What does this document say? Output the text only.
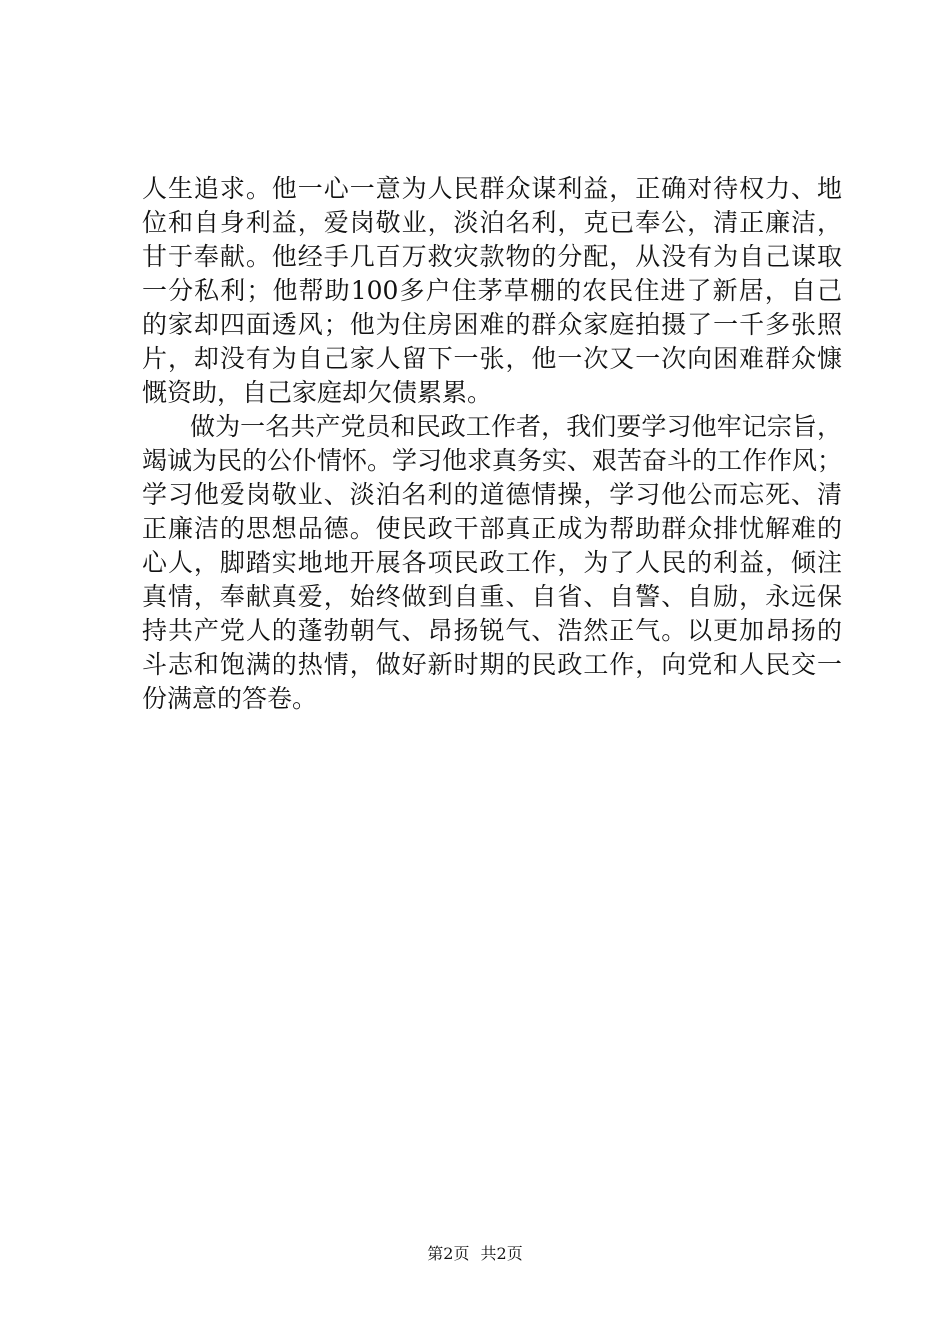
人生追求。他一心一意为人民群众谋利益，正确对待权力、地
位和自身利益，爱岗敬业，淡泊名利，克已奉公，清正廉洁，
甘于奉献。他经手几百万救灾款物的分配，从没有为自己谋取
一分私利；他帮助100多户住茅草棚的农民住进了新居，自己
的家却四面透风；他为住房困难的群众家庭拍摄了一千多张照
片，却没有为自己家人留下一张，他一次又一次向困难群众慷
慨资助，自己家庭却欠债累累。
做为一名共产党员和民政工作者，我们要学习他牢记宗旨，
竭诚为民的公仆情怀。学习他求真务实、艰苦奋斗的工作作风；
学习他爱岗敬业、淡泊名利的道德情操，学习他公而忘死、清
正廉洁的思想品德。使民政干部真正成为帮助群众排忧解难的
心人，脚踏实地地开展各项民政工作，为了人民的利益，倾注
真情，奉献真爱，始终做到自重、自省、自警、自励，永远保
持共产党人的蓬勃朝气、昂扬锐气、浩然正气。以更加昂扬的
斗志和饱满的热情，做好新时期的民政工作，向党和人民交一
份满意的答卷。
第2页 共2页
